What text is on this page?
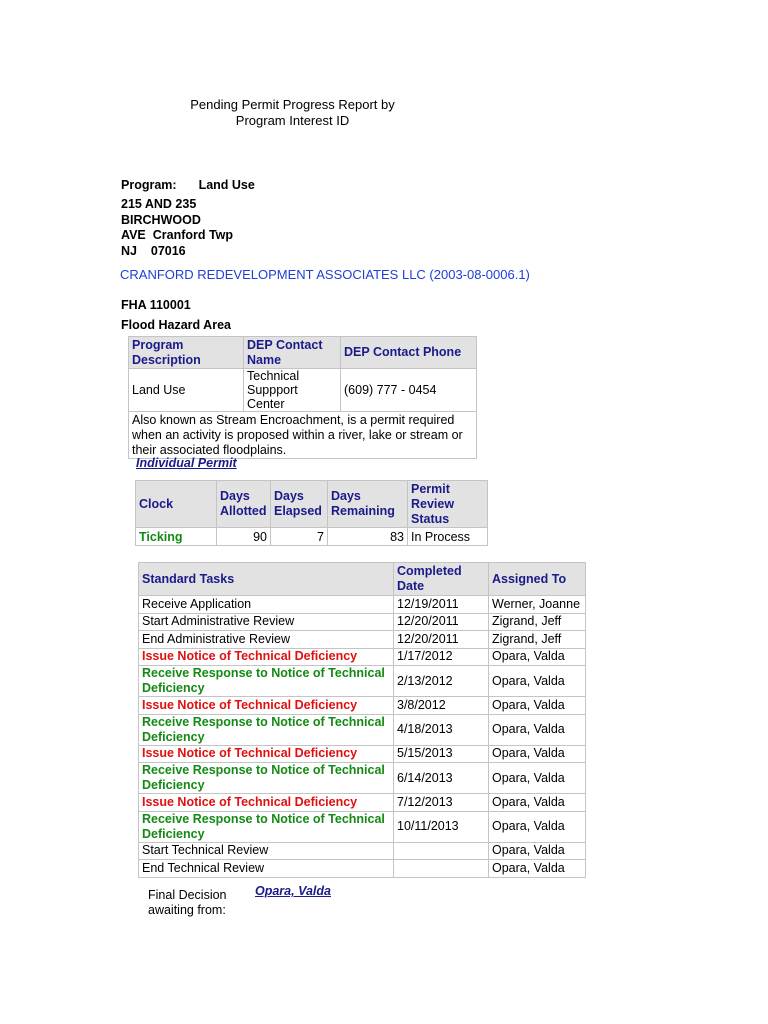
Pending Permit Progress Report by
Program Interest ID
Program: Land Use
215 AND 235
BIRCHWOOD
AVE  Cranford Twp
NJ    07016
CRANFORD REDEVELOPMENT ASSOCIATES LLC (2003-08-0006.1)
FHA 110001
Flood Hazard Area
Program Description	DEP Contact Name	DEP Contact Phone
Land Use	Technical Suppport Center	(609) 777 - 0454
Also known as Stream Encroachment, is a permit required when an activity is proposed within a river, lake or stream or their associated floodplains.		
Individual Permit
Clock	Days Allotted	Days Elapsed	Days Remaining	Permit Review Status
Ticking	90	7	83	In Process
Standard Tasks	Completed Date	Assigned To
Receive Application	12/19/2011	Werner, Joanne
Start Administrative Review	12/20/2011	Zigrand, Jeff
End Administrative Review	12/20/2011	Zigrand, Jeff
Issue Notice of Technical Deficiency	1/17/2012	Opara, Valda
Receive Response to Notice of Technical Deficiency	2/13/2012	Opara, Valda
Issue Notice of Technical Deficiency	3/8/2012	Opara, Valda
Receive Response to Notice of Technical Deficiency	4/18/2013	Opara, Valda
Issue Notice of Technical Deficiency	5/15/2013	Opara, Valda
Receive Response to Notice of Technical Deficiency	6/14/2013	Opara, Valda
Issue Notice of Technical Deficiency	7/12/2013	Opara, Valda
Receive Response to Notice of Technical Deficiency	10/11/2013	Opara, Valda
Start Technical Review		Opara, Valda
End Technical Review		Opara, Valda
Final Decision
awaiting from:
Opara, Valda
